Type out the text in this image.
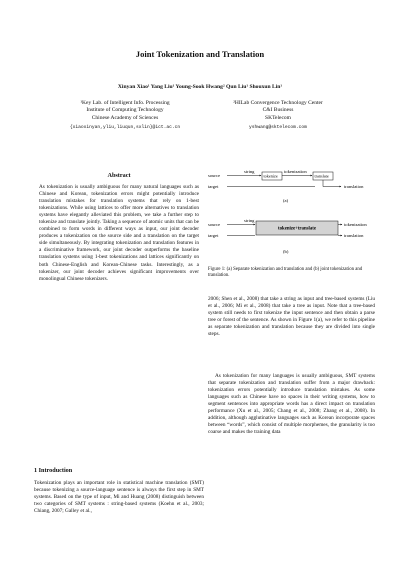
Joint Tokenization and Translation
Xinyan Xiao¹ Yang Liu¹ Young-Sook Hwang² Qun Liu¹ Shouxun Lin¹
¹Key Lab. of Intelligent Info. Processing
Institute of Computing Technology
Chinese Academy of Sciences
{xiaoxinyan,yliu,liuqun,sxlin}@ict.ac.cn
²HILab Convergence Technology Center
C&I Business
SKTelecom
yshwang@sktelecom.com
Abstract
As tokenization is usually ambiguous for many natural languages such as Chinese and Korean, tokenization errors might potentially introduce translation mistakes for translation systems that rely on 1-best tokenizations. While using lattices to offer more alternatives to translation systems have elegantly alleviated this problem, we take a further step to tokenize and translate jointly. Taking a sequence of atomic units that can be combined to form words in different ways as input, our joint decoder produces a tokenization on the source side and a translation on the target side simultaneously. By integrating tokenization and translation features in a discriminative framework, our joint decoder outperforms the baseline translation systems using 1-best tokenizations and lattices significantly on both Chinese-English and Korean-Chinese tasks. Interestingly, as a tokenizer, our joint decoder achieves significant improvements over monolingual Chinese tokenizers.
1 Introduction
Tokenization plays an important role in statistical machine translation (SMT) because tokenizing a source-language sentence is always the first step in SMT systems. Based on the type of input, Mi and Huang (2008) distinguish between two categories of SMT systems : string-based systems (Koehn et al., 2003; Chiang, 2007; Galley et al.,
source
target
string
tokenize
tokenization
translate
translation
(a)
source
target
string
tokenize+translate
tokenization
translation
(b)
Figure 1: (a) Separate tokenization and translation and (b) joint tokenization and translation.
2006; Shen et al., 2008) that take a string as input and tree-based systems (Liu et al., 2006; Mi et al., 2008) that take a tree as input. Note that a tree-based system still needs to first tokenize the input sentence and then obtain a parse tree or forest of the sentence. As shown in Figure 1(a), we refer to this pipeline as separate tokenization and translation because they are divided into single steps.
As tokenization for many languages is usually ambiguous, SMT systems that separate tokenization and translation suffer from a major drawback: tokenization errors potentially introduce translation mistakes. As some languages such as Chinese have no spaces in their writing systems, how to segment sentences into appropriate words has a direct impact on translation performance (Xu et al., 2005; Chang et al., 2008; Zhang et al., 2008). In addition, although agglutinative languages such as Korean incorporate spaces between “words”, which consist of multiple morphemes, the granularity is too coarse and makes the training data
